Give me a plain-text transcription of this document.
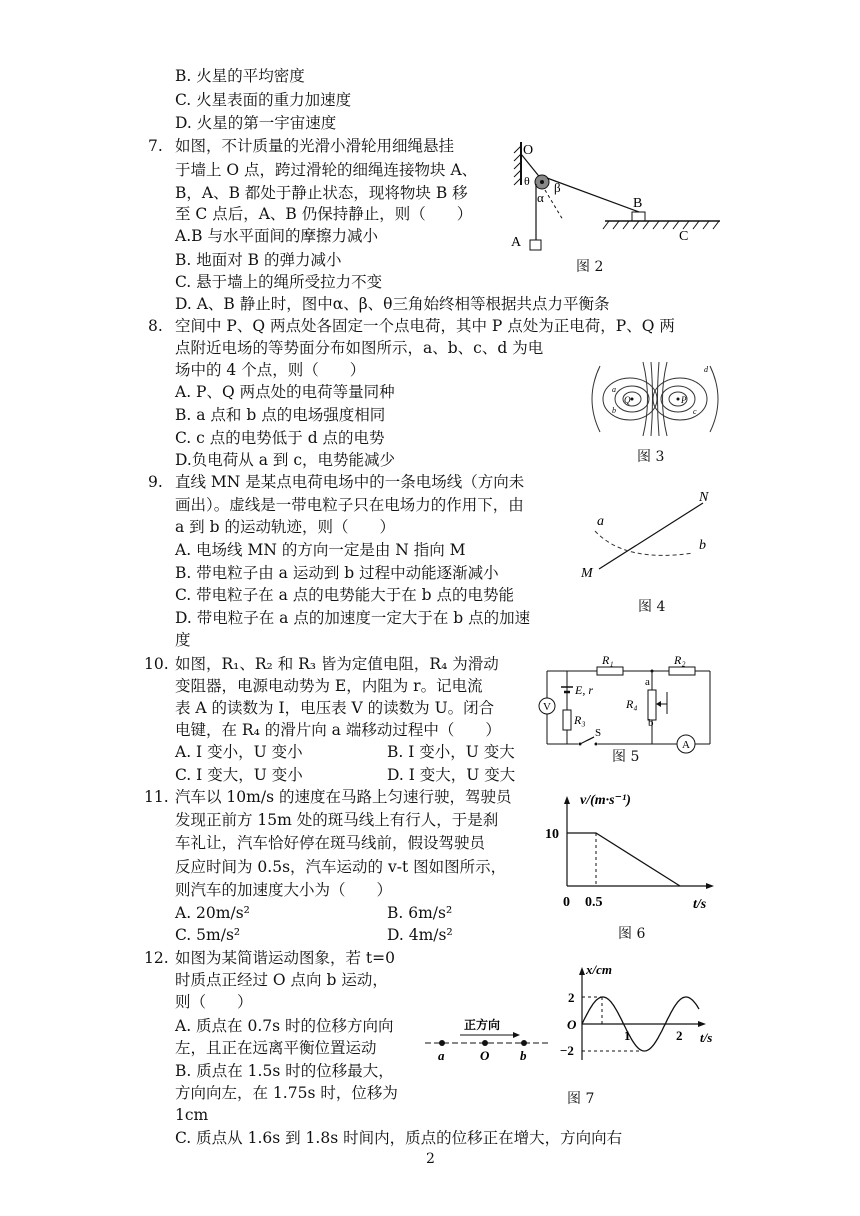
B. 火星的平均密度
C. 火星表面的重力加速度
D. 火星的第一宇宙速度
7. 如图，不计质量的光滑小滑轮用细绳悬挂
于墙上 O 点，跨过滑轮的细绳连接物块 A、
B，A、B 都处于静止状态，现将物块 B 移
至 C 点后，A、B 仍保持静止，则（　　）
A.B 与水平面间的摩擦力减小
B. 地面对 B 的弹力减小
C. 悬于墙上的绳所受拉力不变
D. A、B 静止时，图中α、β、θ三角始终相等根据共点力平衡条
图 2
O
θ
α
β
B
A	C
8. 空间中 P、Q 两点处各固定一个点电荷，其中 P 点处为正电荷，P、Q 两
点附近电场的等势面分布如图所示，a、b、c、d 为电
场中的 4 个点，则（　　）
A. P、Q 两点处的电荷等量同种
B. a 点和 b 点的电场强度相同
C. c 点的电势低于 d 点的电势
D.负电荷从 a 到 c，电势能减少	图 3
Q	P
a
b	c
d
9. 直线 MN 是某点电荷电场中的一条电场线（方向未
画出）。虚线是一带电粒子只在电场力的作用下，由
a 到 b 的运动轨迹，则（　　）
A. 电场线 MN 的方向一定是由 N 指向 M
B. 带电粒子由 a 运动到 b 过程中动能逐渐减小
C. 带电粒子在 a 点的电势能大于在 b 点的电势能
D. 带电粒子在 a 点的加速度一定大于在 b 点的加速
度
图 4
N
M
a
b
10. 如图，R₁、R₂ 和 R₃ 皆为定值电阻，R₄ 为滑动
变阻器，电源电动势为 E，内阻为 r。记电流
表 A 的读数为 I，电压表 V 的读数为 U。闭合
电键，在 R₄ 的滑片向 a 端移动过程中（　　）
A. I 变小，U 变小	B. I 变小，U 变大
C. I 变大，U 变小	D. I 变大，U 变大
图 5
R₁	R₂
R₃
R₄
E, r
V
A
S
a
b
11. 汽车以 10m/s 的速度在马路上匀速行驶，驾驶员
发现正前方 15m 处的斑马线上有行人，于是刹
车礼让，汽车恰好停在斑马线前，假设驾驶员
反应时间为 0.5s，汽车运动的 v-t 图如图所示，
则汽车的加速度大小为（　　）
A. 20m/s²	B. 6m/s²
C. 5m/s²	D. 4m/s²	图 6
v/(m·s⁻¹)
t/s
10
0 0.5
12. 如图为某简谐运动图象，若 t=0
时质点正经过 O 点向 b 运动，
则（　　）
A. 质点在 0.7s 时的位移方向向
左，且正在远离平衡位置运动
B. 质点在 1.5s 时的位移最大，
方向向左，在 1.75s 时，位移为
1cm
C. 质点从 1.6s 到 1.8s 时间内，质点的位移正在增大，方向向右
图 7
正方向
a	O b
x/cm
t/s
2
−2
O
1	2
2
